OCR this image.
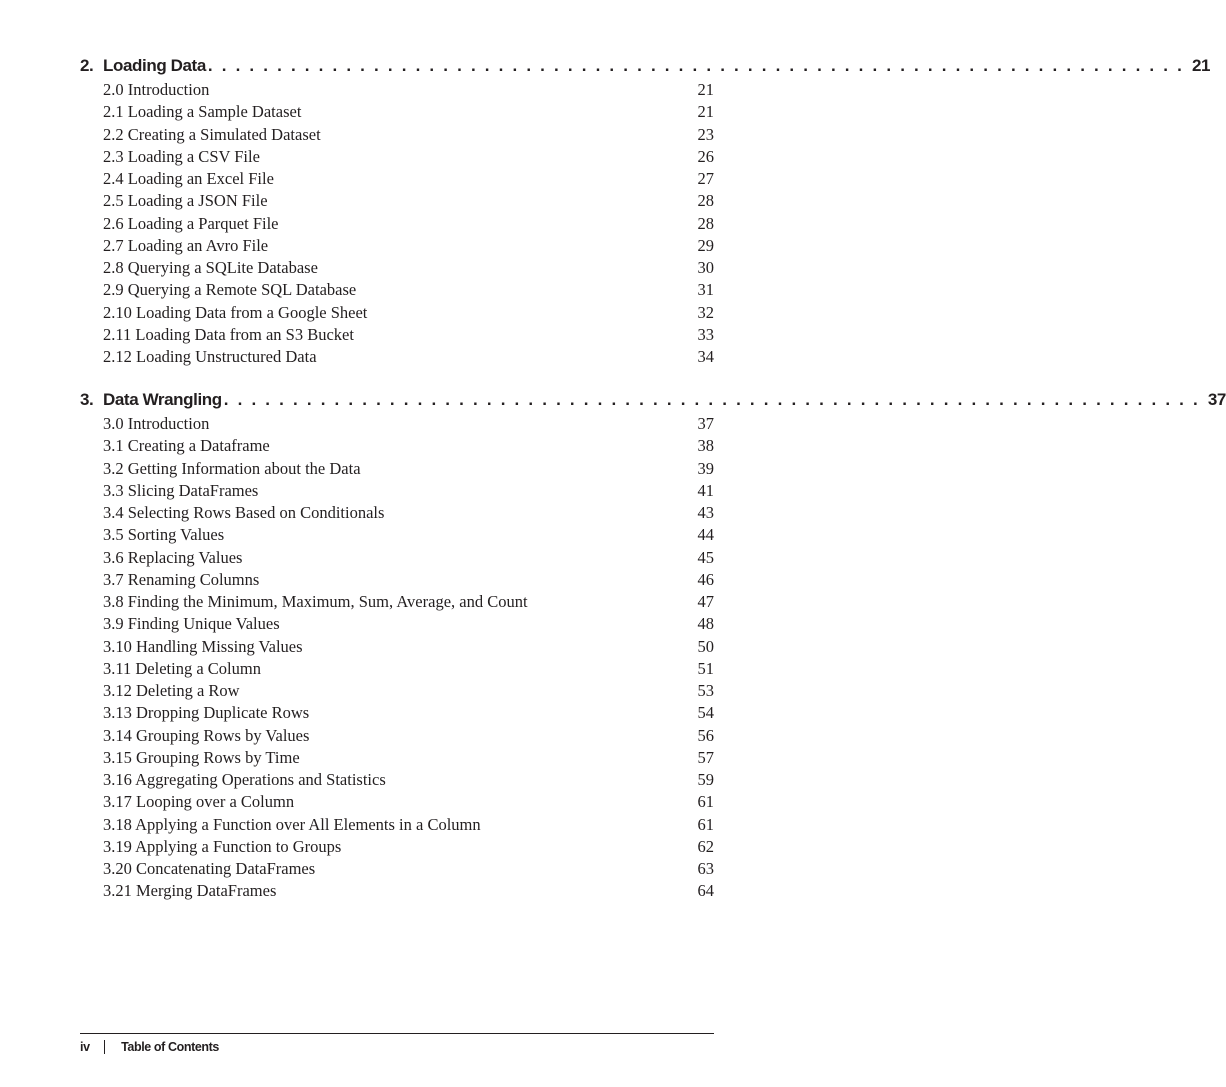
2. Loading Data . . . . . . . . . . . . . . . . . . . . . . . . . . . . . . . . . . . . . . . . . . . . . . . . . . . . . . . . . . . . . . . . . . . . . . . 21
2.0 Introduction	21
2.1 Loading a Sample Dataset	21
2.2 Creating a Simulated Dataset	23
2.3 Loading a CSV File	26
2.4 Loading an Excel File	27
2.5 Loading a JSON File	28
2.6 Loading a Parquet File	28
2.7 Loading an Avro File	29
2.8 Querying a SQLite Database	30
2.9 Querying a Remote SQL Database	31
2.10 Loading Data from a Google Sheet	32
2.11 Loading Data from an S3 Bucket	33
2.12 Loading Unstructured Data	34
3. Data Wrangling . . . . . . . . . . . . . . . . . . . . . . . . . . . . . . . . . . . . . . . . . . . . . . . . . . . . . . . . . . . . . . . . . . . . . . . 37
3.0 Introduction	37
3.1 Creating a Dataframe	38
3.2 Getting Information about the Data	39
3.3 Slicing DataFrames	41
3.4 Selecting Rows Based on Conditionals	43
3.5 Sorting Values	44
3.6 Replacing Values	45
3.7 Renaming Columns	46
3.8 Finding the Minimum, Maximum, Sum, Average, and Count	47
3.9 Finding Unique Values	48
3.10 Handling Missing Values	50
3.11 Deleting a Column	51
3.12 Deleting a Row	53
3.13 Dropping Duplicate Rows	54
3.14 Grouping Rows by Values	56
3.15 Grouping Rows by Time	57
3.16 Aggregating Operations and Statistics	59
3.17 Looping over a Column	61
3.18 Applying a Function over All Elements in a Column	61
3.19 Applying a Function to Groups	62
3.20 Concatenating DataFrames	63
3.21 Merging DataFrames	64
iv	Table of Contents
